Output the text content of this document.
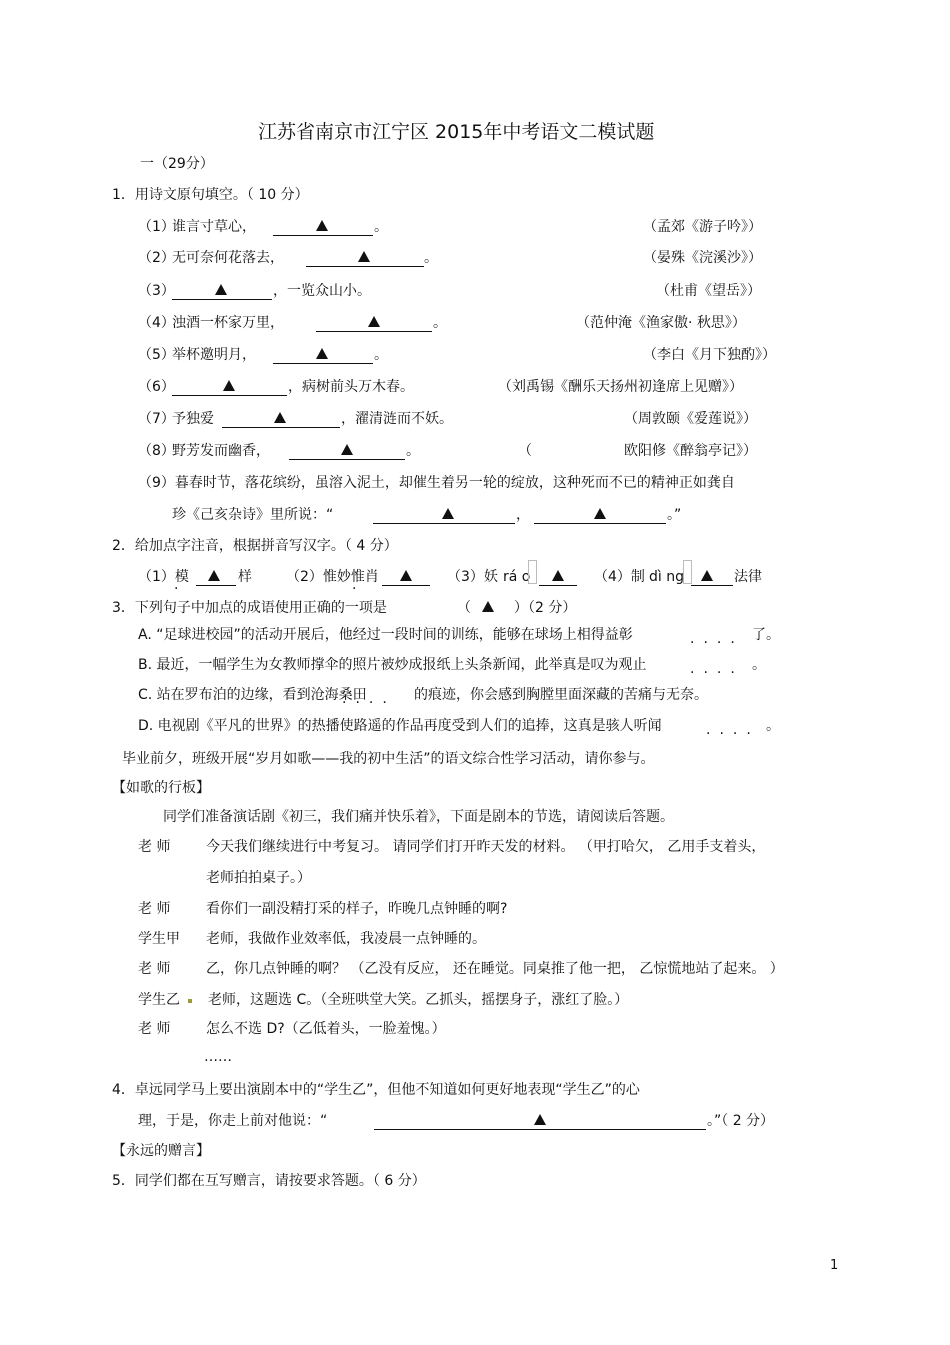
江苏省南京市江宁区 2015年中考语文二模试题
一（29分）
1．用诗文原句填空。（ 10 分）
（1）
谁言寸草心，	。	（孟郊《游子吟》）
（2）
无可奈何花落去，	。	（晏殊《浣溪沙》）
（3）	，一览众山小。	（杜甫《望岳》）
（4）
浊酒一杯家万里，	。	（范仲淹《渔家傲· 秋思》）
（5）
举杯邀明月，	。	（李白《月下独酌》）
（6）	，病树前头万木春。	（刘禹锡《酬乐天扬州初逢席上见赠》）
（7）
予独爱	，濯清涟而不妖。	（周敦颐《爱莲说》）
（8）
野芳发而幽香，	。	（	欧阳修《醉翁亭记》）
（9）暮春时节，落花缤纷，虽溶入泥土，却催生着另一轮的绽放，这种死而不已的精神正如龚自
珍《己亥杂诗》里所说：“	，	。”
2．给加点字注音，根据拼音写汉字。（ 4 分）
（1）模	样 （2）惟妙惟肖	（3）妖 rá o	（4）制 dì ng	法律
·	·
3．下列句子中加点的成语使用正确的一项是	（	）（2 分）
A. “足球进校园”的活动开展后，他经过一段时间的训练，能够在球场上相得益彰	···· 了。
B. 最近，一幅学生为女教师撑伞的照片被炒成报纸上头条新闻，此举真是叹为观止	···· 。
C. 站在罗布泊的边缘，看到沧海桑田
···· 的痕迹，你会感到胸膛里面深藏的苦痛与无奈。
D. 电视剧《平凡的世界》的热播使路遥的作品再度受到人们的追捧，这真是骇人听闻	···· 。
毕业前夕，班级开展“岁月如歌——我的初中生活”的语文综合性学习活动，请你参与。
【如歌的行板】
同学们准备演话剧《初三，我们痛并快乐着》，下面是剧本的节选，请阅读后答题。
老 师	今天我们继续进行中考复习。 请同学们打开昨天发的材料。 （甲打哈欠， 乙用手支着头，
老师拍拍桌子。）
老 师	看你们一副没精打采的样子，昨晚几点钟睡的啊?
学生甲 老师，我做作业效率低，我凌晨一点钟睡的。
老 师	乙，你几点钟睡的啊？ （乙没有反应， 还在睡觉。同桌推了他一把， 乙惊慌地站了起来。 ）
学生乙 老师，这题选 C。（全班哄堂大笑。乙抓头，摇摆身子，涨红了脸。）
老 师	怎么不选 D?（乙低着头，一脸羞愧。）
……
4．卓远同学马上要出演剧本中的“学生乙”，但他不知道如何更好地表现“学生乙”的心
理，于是，你走上前对他说：“	。”（ 2 分）
【永远的赠言】
5．同学们都在互写赠言，请按要求答题。（ 6 分）
1
